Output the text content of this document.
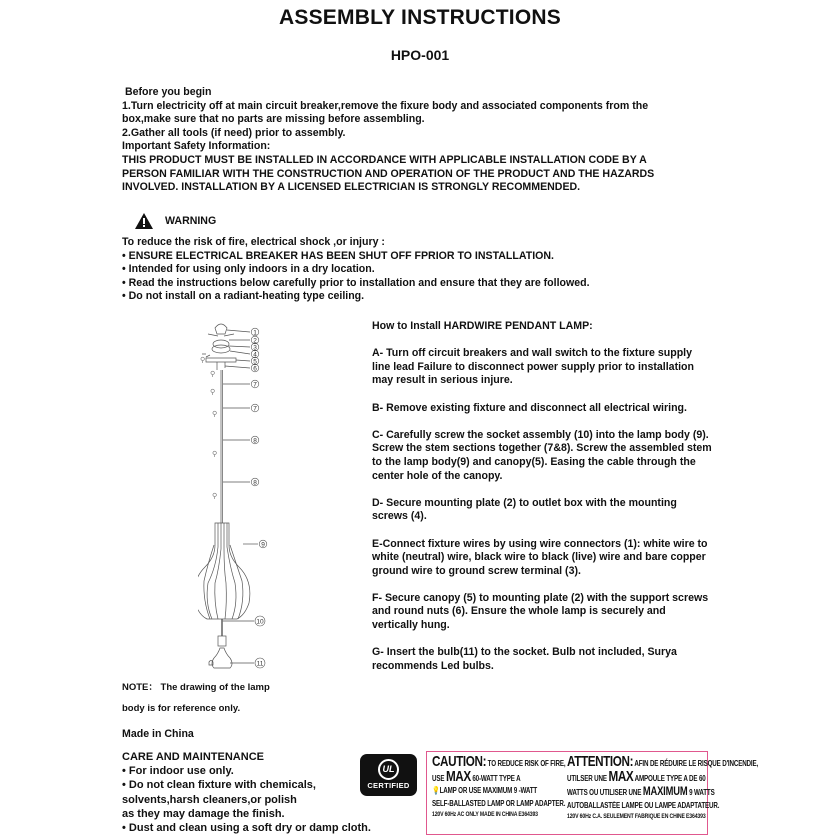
ASSEMBLY INSTRUCTIONS
HPO-001
Before you begin
1.Turn electricity off at main circuit breaker,remove the fixure body and associated components from the
box,make sure that no parts are missing before assembling.
2.Gather all tools (if need) prior to assembly.
Important Safety Information:
THIS PRODUCT MUST BE INSTALLED IN ACCORDANCE WITH APPLICABLE INSTALLATION CODE BY A
PERSON FAMILIAR WITH THE CONSTRUCTION AND OPERATION OF THE PRODUCT AND THE HAZARDS
INVOLVED. INSTALLATION BY A LICENSED ELECTRICIAN IS STRONGLY RECOMMENDED.
WARNING
To reduce the risk of fire, electrical shock ,or injury :
• ENSURE ELECTRICAL BREAKER HAS BEEN SHUT OFF FPRIOR TO INSTALLATION.
• Intended for using only indoors in a dry location.
• Read the instructions below carefully prior to installation and ensure that they are followed.
• Do not install on a radiant-heating type ceiling.
1
2
3
4
5
6
7
7
8
8
9
10
11
⚲
⚲
⚲
⚲
⚲
⚲

How to Install HARDWIRE PENDANT LAMP:

A- Turn off circuit breakers and wall switch to the fixture supply line lead Failure to disconnect power supply prior to installation may result in serious injure.

B- Remove existing fixture and disconnect all electrical wiring.

C- Carefully screw the socket assembly (10) into the lamp body (9). Screw the stem sections together (7&8). Screw the assembled stem to the lamp body(9) and canopy(5). Easing the cable through the center hole of the canopy.

D- Secure mounting plate (2) to outlet box with the mounting screws (4).

E-Connect fixture wires by using wire connectors (1): white wire to white (neutral) wire, black wire to black (live) wire and bare copper ground wire to ground screw terminal (3).

F- Secure canopy (5) to mounting plate (2) with the support screws and round nuts (6). Ensure the whole lamp is securely and vertically hung.

G- Insert the bulb(11) to the socket. Bulb not included, Surya recommends Led bulbs.

NOTE： The drawing of the lamp
body is for reference only.
Made in China
CARE AND MAINTENANCE
• For indoor use only.
• Do not clean fixture with chemicals,
solvents,harsh cleaners,or polish
as they may damage the finish.
• Dust and clean using a soft dry or damp cloth.
UL
CERTIFIED
CAUTION: TO REDUCE RISK OF FIRE,
USE MAX 60-WATT TYPE A
💡LAMP OR USE MAXIMUM 9 -WATT
SELF-BALLASTED LAMP OR LAMP ADAPTER.
120V 60Hz AC ONLY MADE IN CHINA E364393
ATTENTION: AFIN DE RÉDUIRE LE RISQUE D'INCENDIE,
UTILSER UNE MAX AMPOULE TYPE A DE 60
WATTS OU UTILISER UNE MAXIMUM 9 WATTS
AUTOBALLASTÉE LAMPE OU LAMPE ADAPTATEUR.
120V 60Hz C.A. SEULEMENT FABRIQUE EN CHINE E364393
